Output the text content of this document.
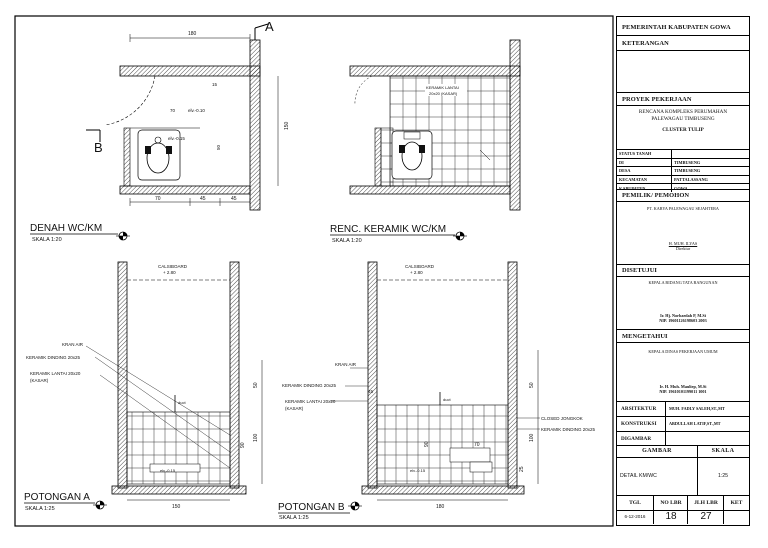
A
B
180
150
70
15
50
elv.-0.10
elv.-0.15
70	45	45
DENAH WC/KM
SKALA 1:20
KERAMIK LANTAI
20x20 (KASAR)
RENC. KERAMIK WC/KM
SKALA 1:20
CALSIBOARD
+ 2.80
duct
KRAN AIR
KERAMIK DINDING 20x25
KERAMIK LANTAI 20x20
(KASAR)
50
100
90
elv.-0.15
150
POTONGAN A
SKALA 1:25
CALSIBOARD
+ 2.80
duct
45
KRAN AIR
KERAMIK DINDING 20x25
KERAMIK LANTAI 20x20
(KASAR)
CLOSED JONGKOK
KERAMIK DINDING 20x25
50
100
25
90	70
elv.-0.15
180
POTONGAN B
SKALA 1:25
PEMERINTAH KABUPATEN GOWA
KETERANGAN
PROYEK PEKERJAAN
RENCANA KOMPLEKS PERUMAHAN PALEWAGAU TIMBUSENG
CLUSTER TULIP
STATUS TANAH	
DI	TIMBUSENG
DESA	TIMBUSENG
KECAMATAN	PATTALASSANG
KABUPATEN	GOWA
PEMILIK/ PEMOHON
PT. KARYA PALEWAGAU SEJAHTERA
H. MUH. ILYAS
Direktur
DISETUJUI
KEPALA BIDANG TATA BANGUNAN
Ir. Hj. Norbaedah P, M.Si
NIP. 19601126198603 2003
MENGETAHUI
KEPALA DINAS PEKERJAAN UMUM
Ir. H. Muh. Mauliep, M.Si
NIP. 19610101199011 1001
ARSITEKTUR	MUH. FADLY SALEH,ST.,MT
KONSTRUKSI	ABDULLAH LATIF,ST.,MT
DIGAMBAR
GAMBAR	SKALA
DETAIL KM/WC	1:25
TGL	NO LBR	JLH LBR	KET
6-12-2016	18	27
